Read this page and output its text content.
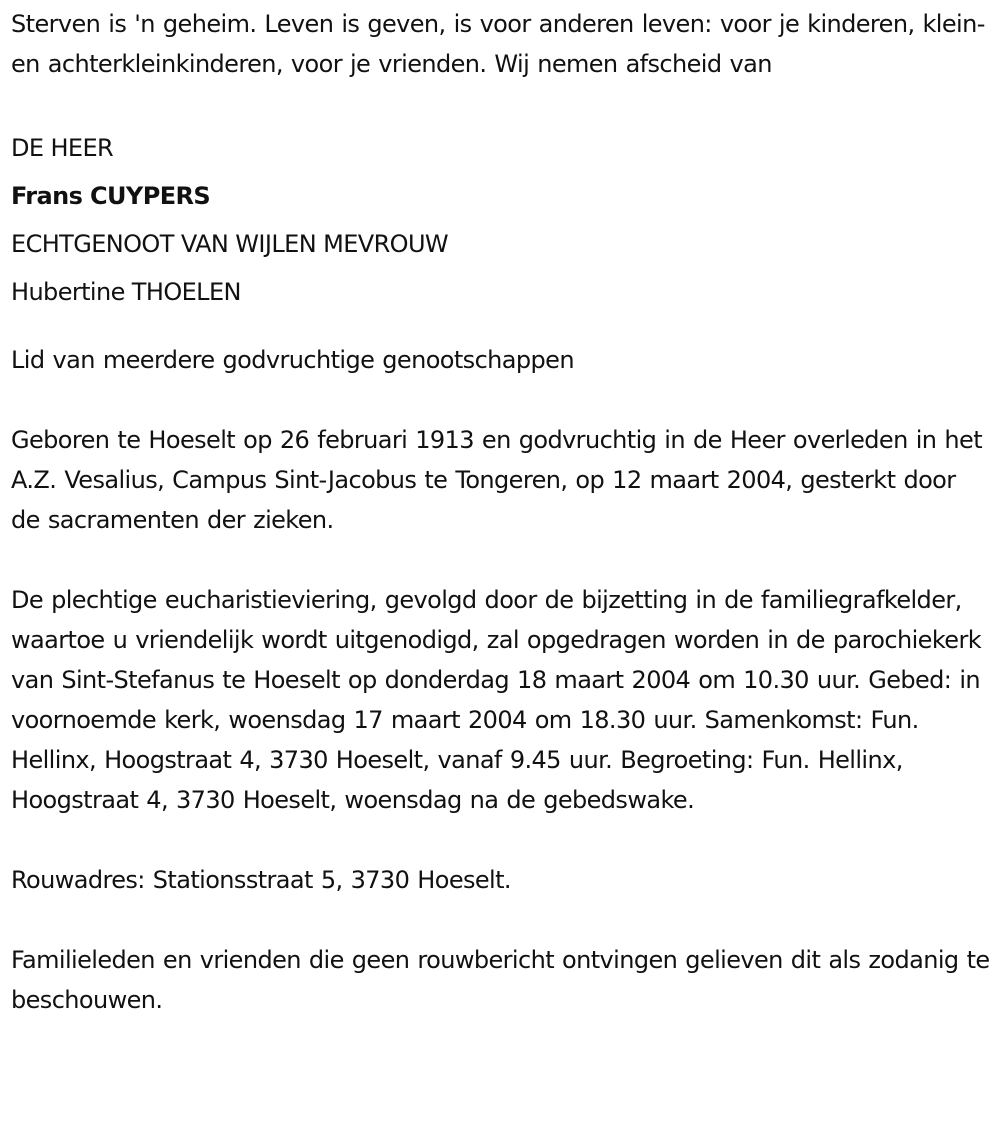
Sterven is 'n geheim. Leven is geven, is voor anderen leven: voor je kinderen, klein- en achterkleinkinderen, voor je vrienden. Wij nemen afscheid van

DE HEER

Frans CUYPERS

ECHTGENOOT VAN WIJLEN MEVROUW

Hubertine THOELEN

Lid van meerdere godvruchtige genootschappen

Geboren te Hoeselt op 26 februari 1913 en godvruchtig in de Heer overleden in het A.Z. Vesalius, Campus Sint-Jacobus te Tongeren, op 12 maart 2004, gesterkt door de sacramenten der zieken.

De plechtige eucharistieviering, gevolgd door de bijzetting in de familiegrafkelder, waartoe u vriendelijk wordt uitgenodigd, zal opgedragen worden in de parochiekerk van Sint-Stefanus te Hoeselt op donderdag 18 maart 2004 om 10.30 uur. Gebed: in voornoemde kerk, woensdag 17 maart 2004 om 18.30 uur. Samenkomst: Fun. Hellinx, Hoogstraat 4, 3730 Hoeselt, vanaf 9.45 uur. Begroeting: Fun. Hellinx, Hoogstraat 4, 3730 Hoeselt, woensdag na de gebedswake.

Rouwadres: Stationsstraat 5, 3730 Hoeselt.

Familieleden en vrienden die geen rouwbericht ontvingen gelieven dit als zodanig te beschouwen.
